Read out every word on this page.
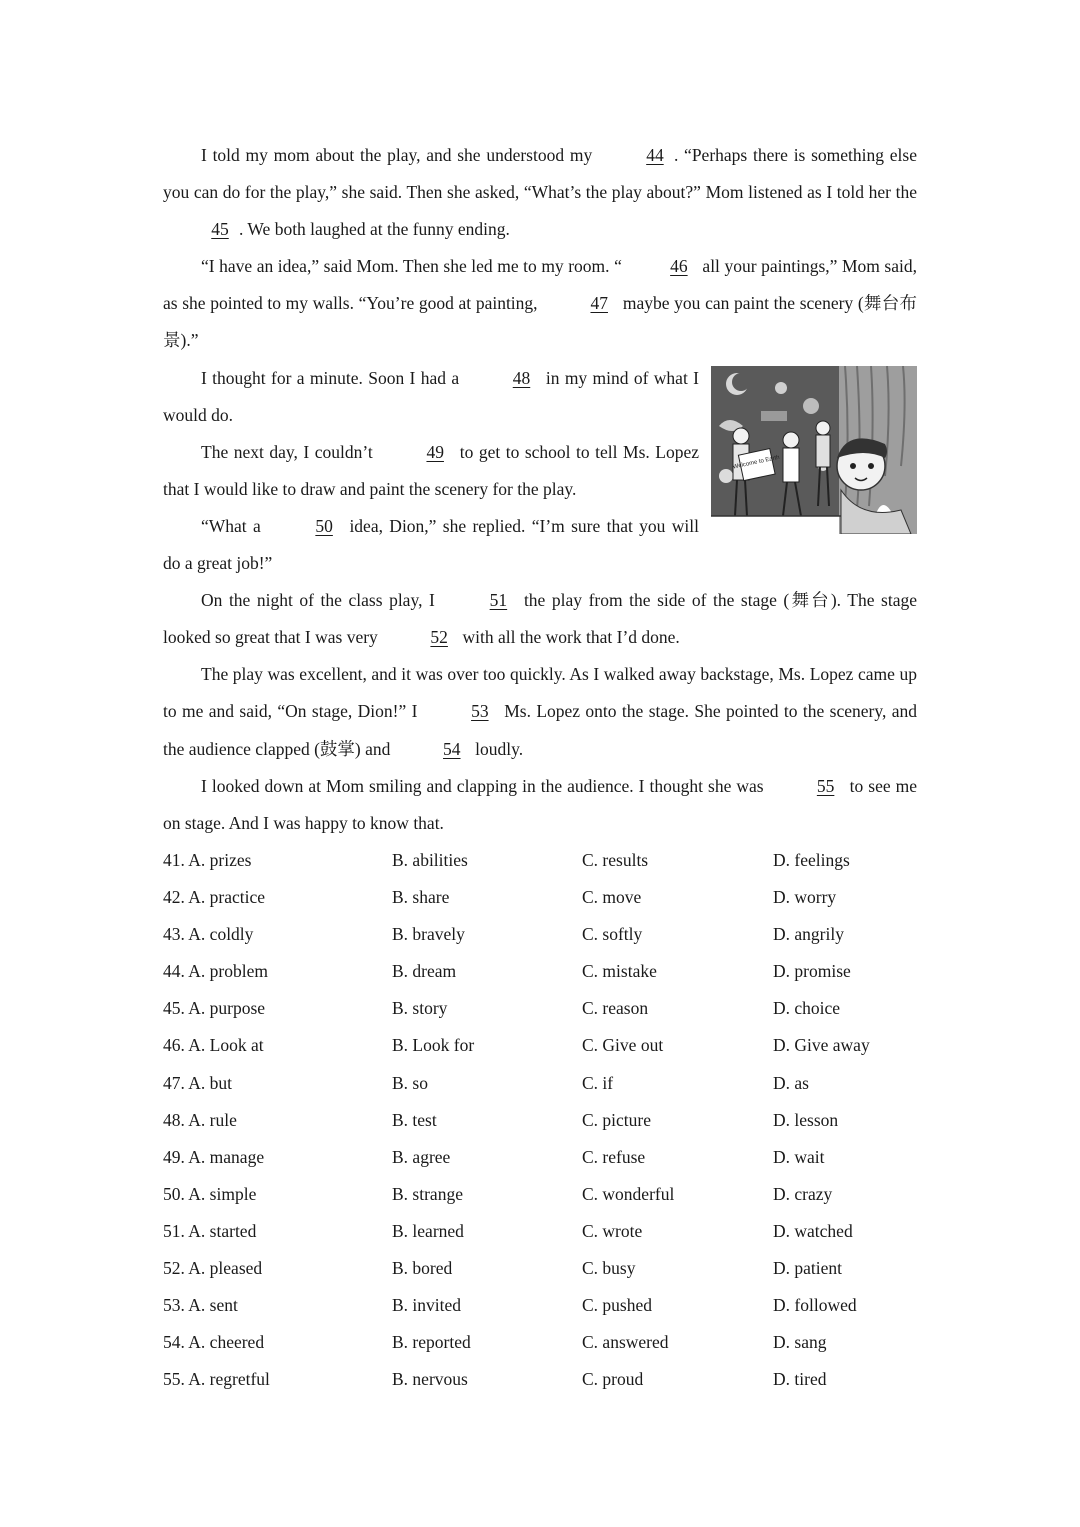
I told my mom about the play, and she understood my	44 . “Perhaps there is something else you can do for the play,” she said. Then she asked, “What’s the play about?” Mom listened as I told her the 45 . We both laughed at the funny ending.

“I have an idea,” said Mom. Then she led me to my room. “	46 all your paintings,” Mom said, as she pointed to my walls. “You’re good at painting,	47 maybe you can paint the scenery (舞台布景).”

Welcome to Earth

I thought for a minute. Soon I had a	48 in my mind of what I would do.

The next day, I couldn’t	49 to get to school to tell Ms. Lopez that I would like to draw and paint the scenery for the play.

“What a	50 idea, Dion,” she replied. “I’m sure that you will do a great job!”

On the night of the class play, I	51 the play from the side of the stage (舞台). The stage looked so great that I was very	52 with all the work that I’d done.

The play was excellent, and it was over too quickly. As I walked away backstage, Ms. Lopez came up to me and said, “On stage, Dion!” I	53 Ms. Lopez onto the stage. She pointed to the scenery, and the audience clapped (鼓掌) and	54 loudly.

I looked down at Mom smiling and clapping in the audience. I thought she was	55 to see me on stage. And I was happy to know that.

41. A. prizes	B. abilities	C. results	D. feelings
42. A. practice	B. share	C. move	D. worry
43. A. coldly	B. bravely	C. softly	D. angrily
44. A. problem	B. dream	C. mistake	D. promise
45. A. purpose	B. story	C. reason	D. choice
46. A. Look at	B. Look for	C. Give out	D. Give away
47. A. but	B. so	C. if	D. as
48. A. rule	B. test	C. picture	D. lesson
49. A. manage	B. agree	C. refuse	D. wait
50. A. simple	B. strange	C. wonderful	D. crazy
51. A. started	B. learned	C. wrote	D. watched
52. A. pleased	B. bored	C. busy	D. patient
53. A. sent	B. invited	C. pushed	D. followed
54. A. cheered	B. reported	C. answered	D. sang
55. A. regretful	B. nervous	C. proud	D. tired
